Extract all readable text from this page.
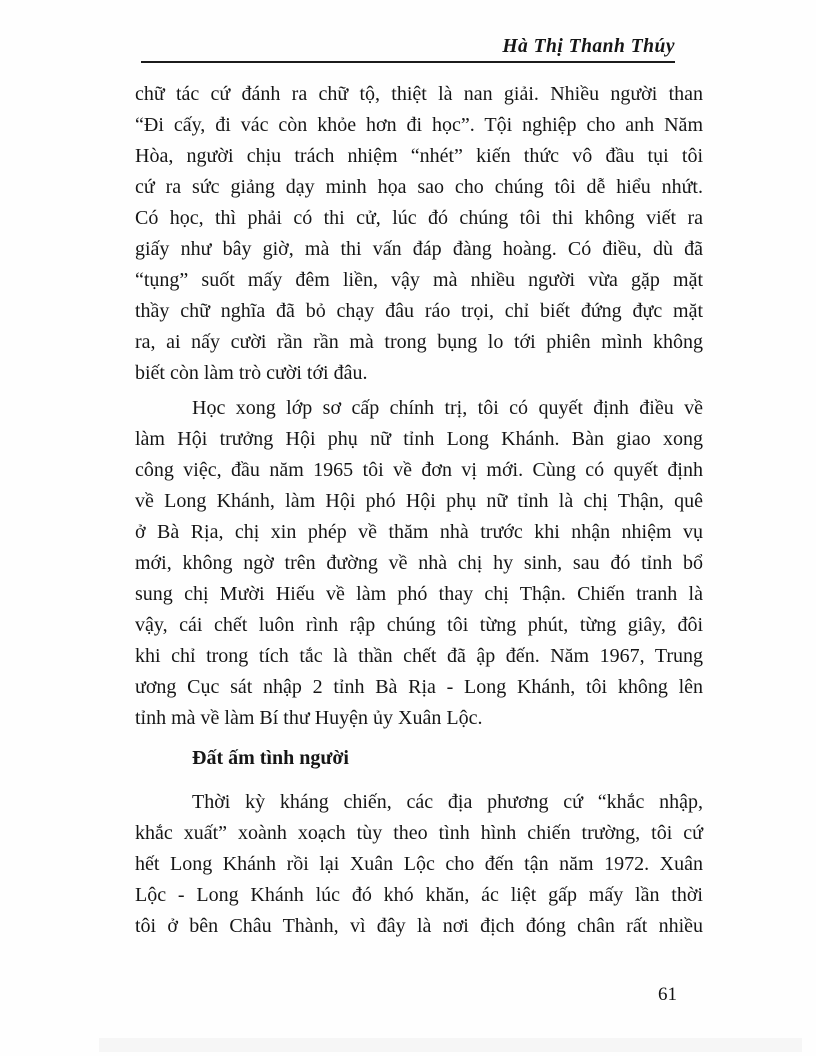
Hà Thị Thanh Thúy
chữ tác cứ đánh ra chữ tộ, thiệt là nan giải. Nhiều người than
“Đi cấy, đi vác còn khỏe hơn đi học”. Tội nghiệp cho anh Năm
Hòa, người chịu trách nhiệm “nhét” kiến thức vô đầu tụi tôi
cứ ra sức giảng dạy minh họa sao cho chúng tôi dễ hiểu nhứt.
Có học, thì phải có thi cử, lúc đó chúng tôi thi không viết ra
giấy như bây giờ, mà thi vấn đáp đàng hoàng. Có điều, dù đã
“tụng” suốt mấy đêm liền, vậy mà nhiều người vừa gặp mặt
thầy chữ nghĩa đã bỏ chạy đâu ráo trọi, chỉ biết đứng đực mặt
ra, ai nấy cười rần rần mà trong bụng lo tới phiên mình không
biết còn làm trò cười tới đâu.
Học xong lớp sơ cấp chính trị, tôi có quyết định điều về
làm Hội trưởng Hội phụ nữ tỉnh Long Khánh. Bàn giao xong
công việc, đầu năm 1965 tôi về đơn vị mới. Cùng có quyết định
về Long Khánh, làm Hội phó Hội phụ nữ tỉnh là chị Thận, quê
ở Bà Rịa, chị xin phép về thăm nhà trước khi nhận nhiệm vụ
mới, không ngờ trên đường về nhà chị hy sinh, sau đó tỉnh bổ
sung chị Mười Hiếu về làm phó thay chị Thận. Chiến tranh là
vậy, cái chết luôn rình rập chúng tôi từng phút, từng giây, đôi
khi chỉ trong tích tắc là thần chết đã ập đến. Năm 1967, Trung
ương Cục sát nhập 2 tỉnh Bà Rịa - Long Khánh, tôi không lên
tỉnh mà về làm Bí thư Huyện ủy Xuân Lộc.
Đất ấm tình người
Thời kỳ kháng chiến, các địa phương cứ “khắc nhập,
khắc xuất” xoành xoạch tùy theo tình hình chiến trường, tôi cứ
hết Long Khánh rồi lại Xuân Lộc cho đến tận năm 1972. Xuân
Lộc - Long Khánh lúc đó khó khăn, ác liệt gấp mấy lần thời
tôi ở bên Châu Thành, vì đây là nơi địch đóng chân rất nhiều
61
